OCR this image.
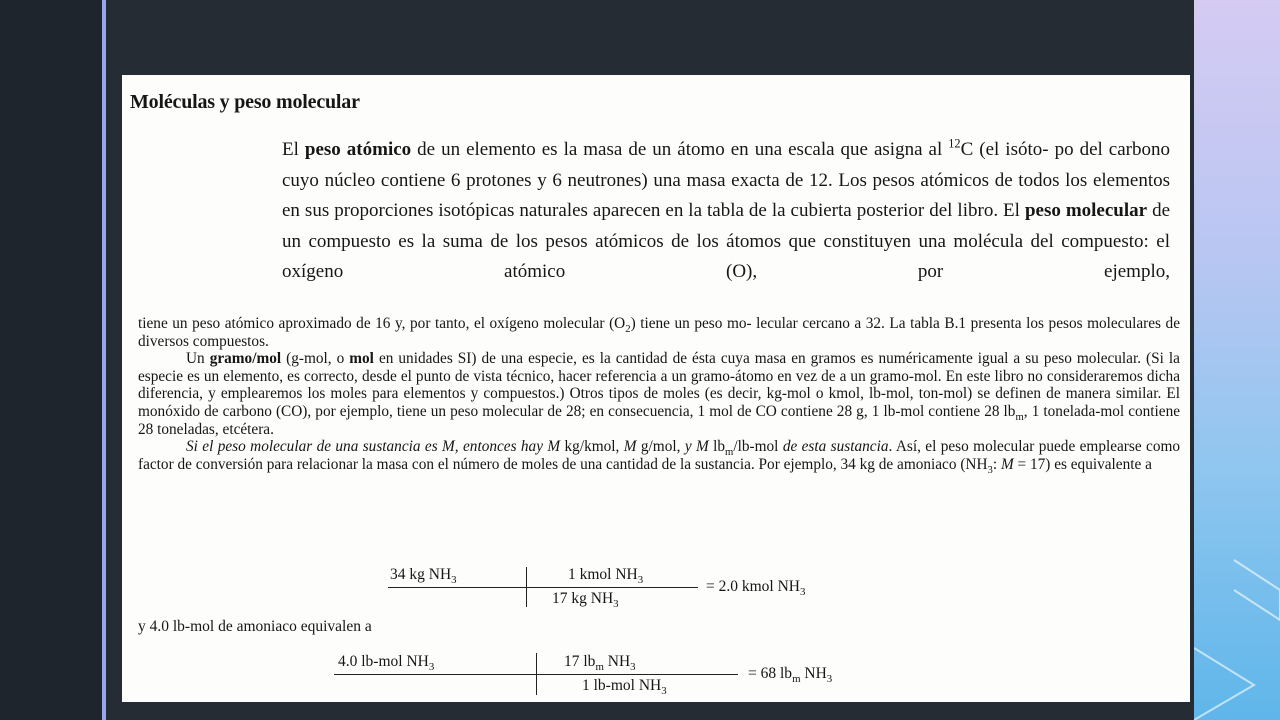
Moléculas y peso molecular
El peso atómico de un elemento es la masa de un átomo en una escala que asigna al $^{12}$C (el isóto- po del carbono cuyo núcleo contiene 6 protones y 6 neutrones) una masa exacta de 12. Los pesos atómicos de todos los elementos en sus proporciones isotópicas naturales aparecen en la tabla de la cubierta posterior del libro. El peso molecular de un compuesto es la suma de los pesos atómicos de los átomos que constituyen una molécula del compuesto: el oxígeno atómico (O), por ejemplo,

tiene un peso atómico aproximado de 16 y, por tanto, el oxígeno molecular $(O_2)$ tiene un peso mo- lecular cercano a 32. La tabla B.1 presenta los pesos moleculares de diversos compuestos.

Un gramo/mol (g-mol, o mol en unidades SI) de una especie, es la cantidad de ésta cuya masa en gramos es numéricamente igual a su peso molecular. (Si la especie es un elemento, es correcto, desde el punto de vista técnico, hacer referencia a un gramo-átomo en vez de a un gramo-mol. En este libro no consideraremos dicha diferencia, y emplearemos los moles para elementos y compuestos.) Otros tipos de moles (es decir, kg-mol o kmol, lb-mol, ton-mol) se definen de manera similar. El monóxido de carbono (CO), por ejemplo, tiene un peso molecular de 28; en consecuencia, 1 mol de CO contiene 28 g, 1 lb-mol contiene 28 $lb_m$, 1 tonelada-mol contiene 28 toneladas, etcétera.

Si el peso molecular de una sustancia es M, entonces hay M kg/kmol, M g/mol, y M $lb_m/lb$-mol de esta sustancia. Así, el peso molecular puede emplearse como factor de conversión para relacionar la masa con el número de moles de una cantidad de la sustancia. Por ejemplo, 34 kg de amoniaco ($NH_3$: M = 17) es equivalente a

34 kg $NH_3$	1 kmol $NH_3$
17 kg $NH_3$
= 2.0 kmol $NH_3$
y 4.0 lb-mol de amoniaco equivalen a
4.0 lb-mol $NH_3$	17 $lb_m$ $NH_3$
1 lb-mol $NH_3$
= 68 $lb_m$ $NH_3$
